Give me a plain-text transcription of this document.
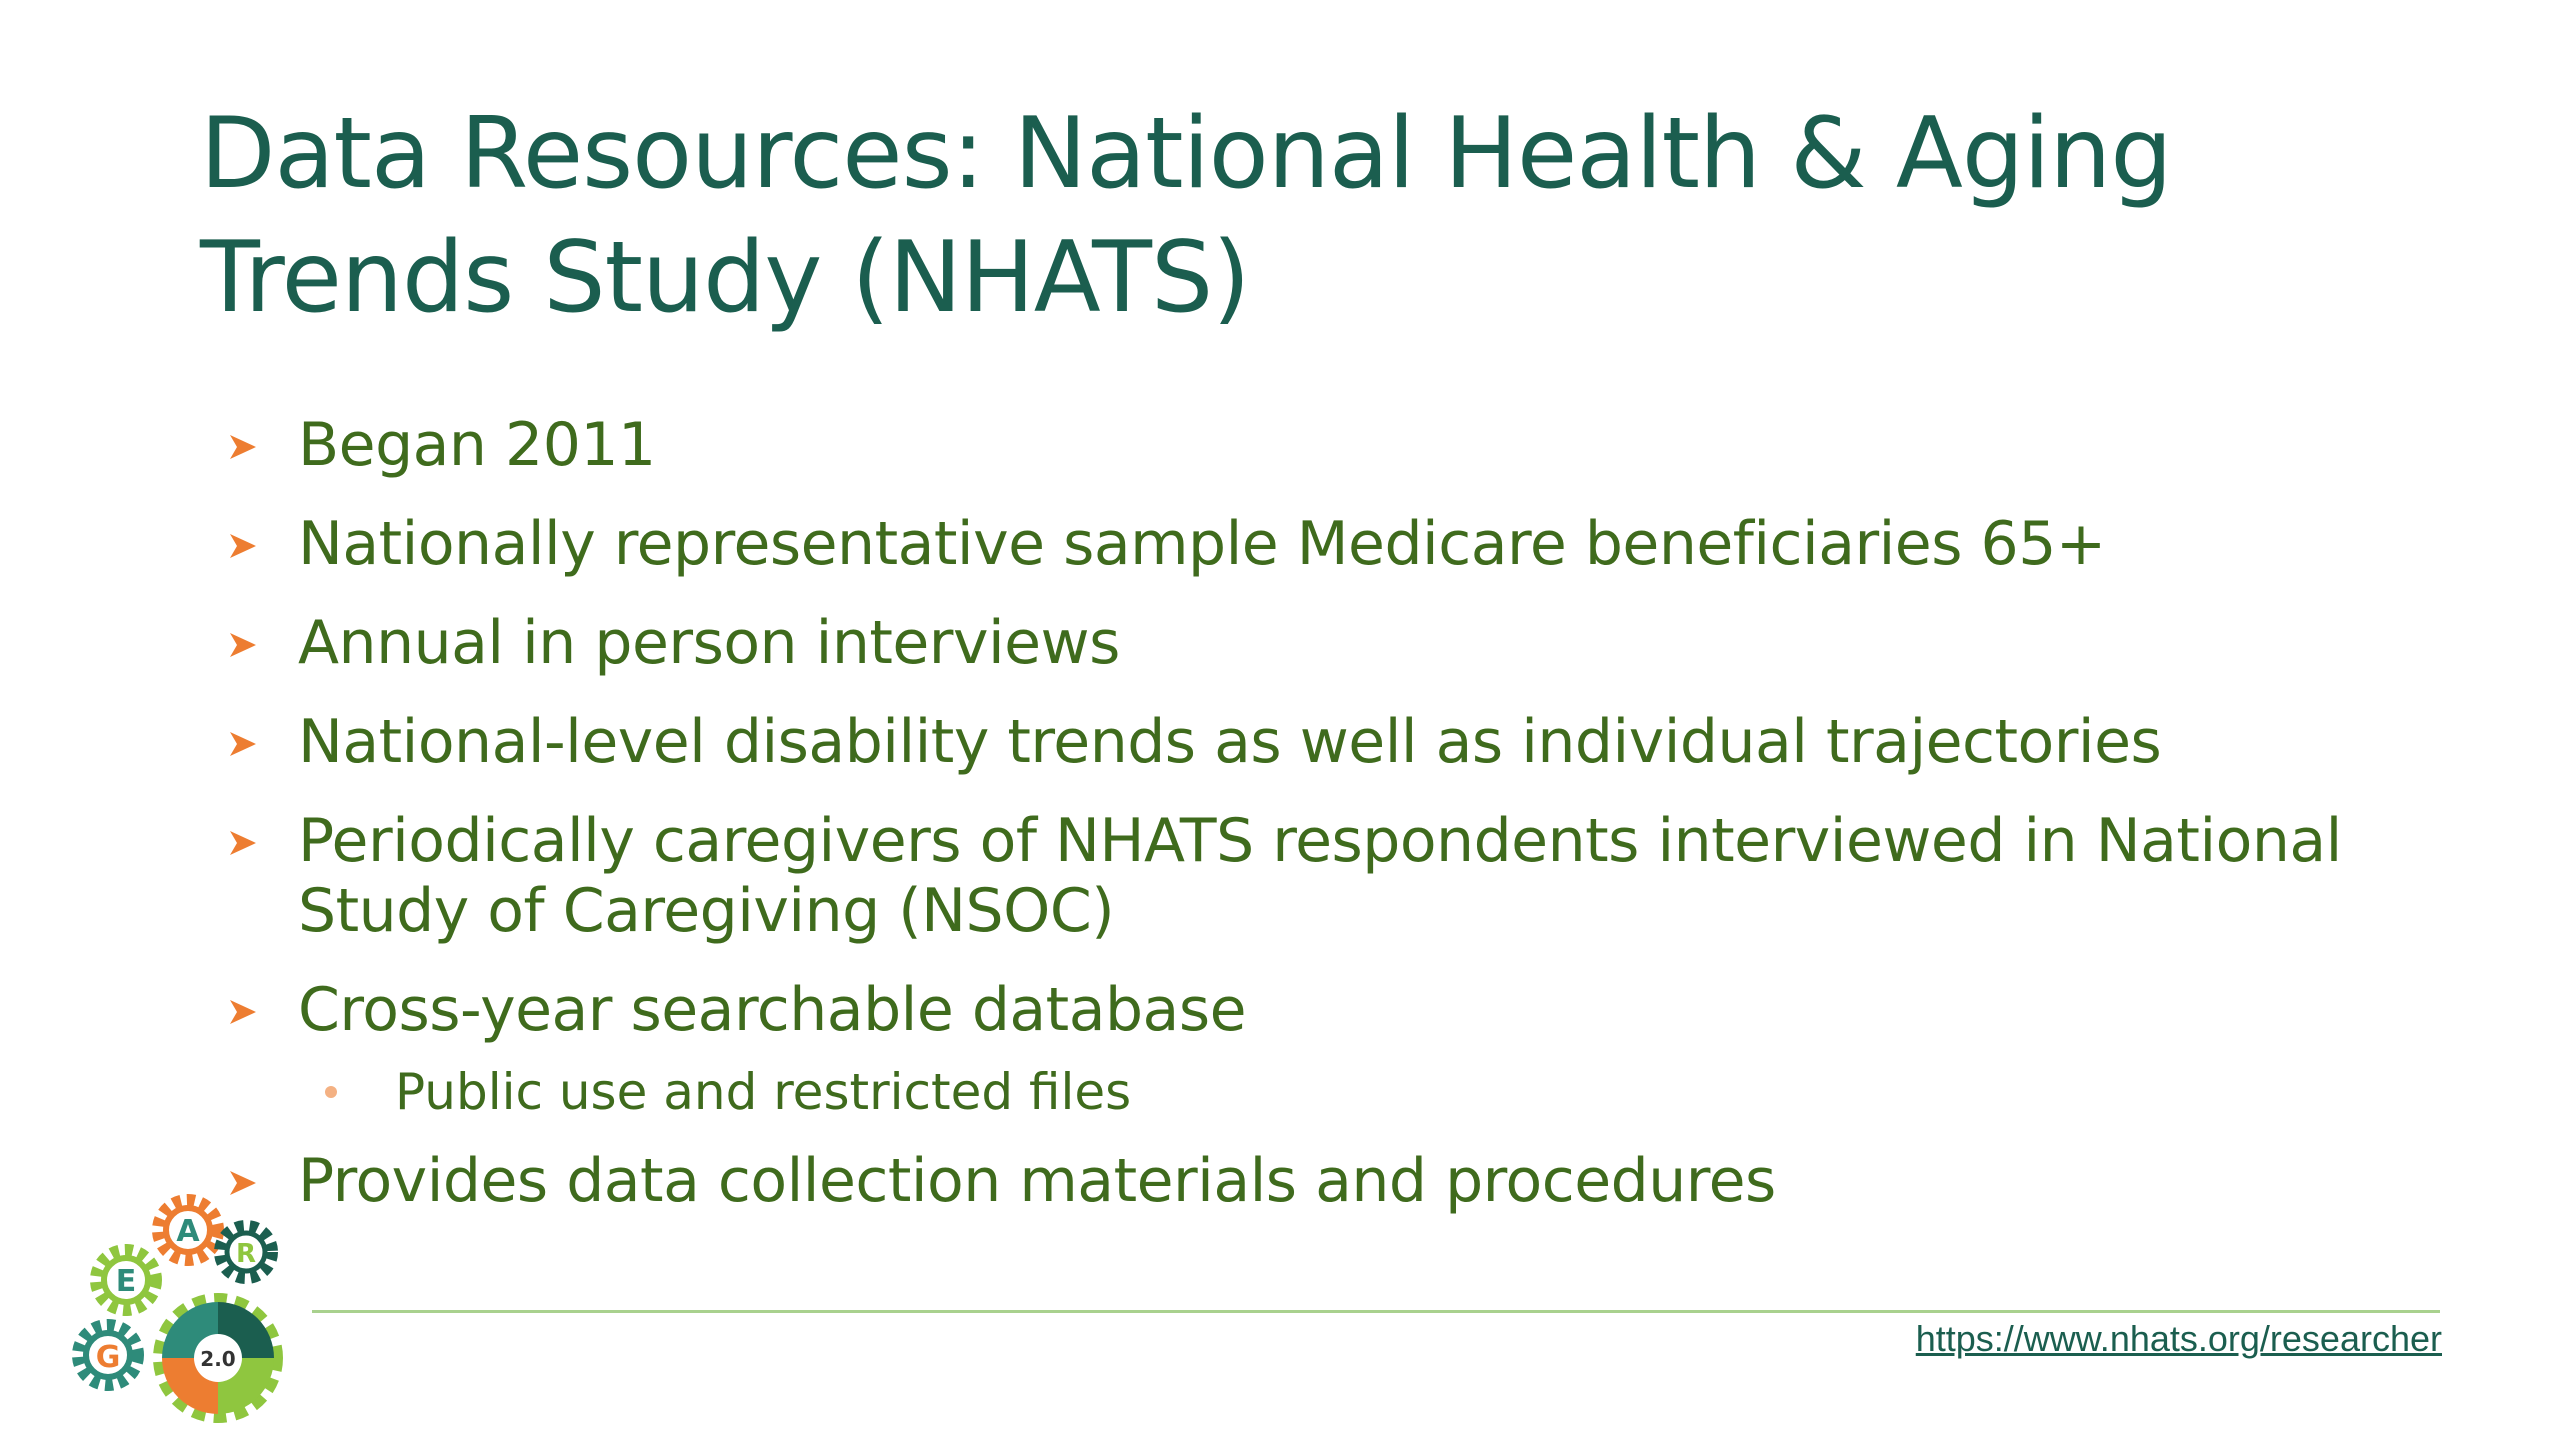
Data Resources: National Health & Aging
Trends Study (NHATS)
Began 2011
Nationally representative sample Medicare beneficiaries 65+
Annual in person interviews
National-level disability trends as well as individual trajectories
Periodically caregivers of NHATS respondents interviewed in National Study of Caregiving (NSOC)
Cross-year searchable database
Public use and restricted files
Provides data collection materials and procedures
https://www.nhats.org/researcher
G
E
A
R
2.0
